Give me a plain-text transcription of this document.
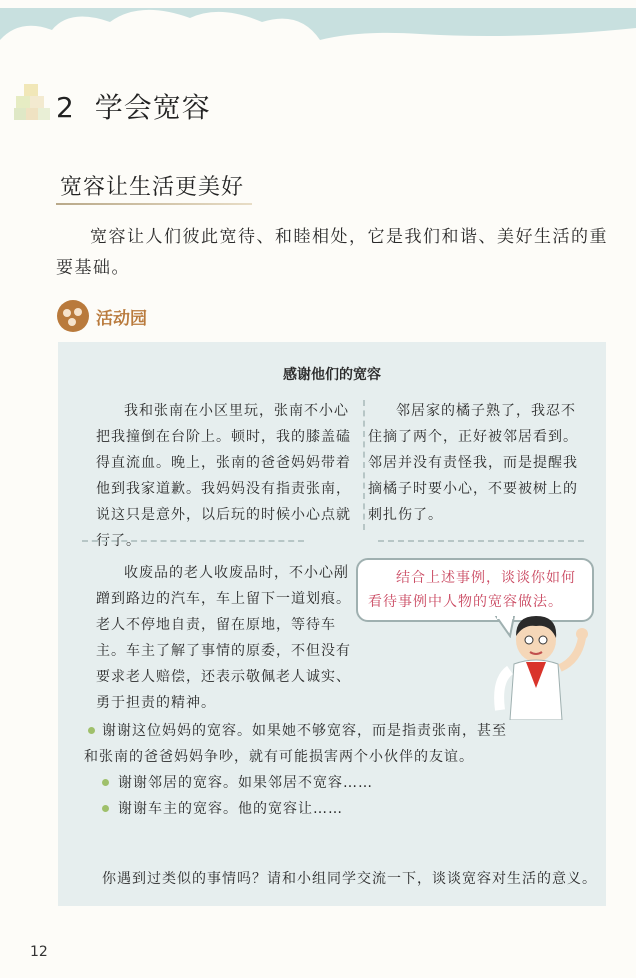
2 学会宽容
宽容让生活更美好
宽容让人们彼此宽待、和睦相处，它是我们和谐、美好生活的重要基础。
活动园
感谢他们的宽容
我和张南在小区里玩，张南不小心把我撞倒在台阶上。顿时，我的膝盖磕得直流血。晚上，张南的爸爸妈妈带着他到我家道歉。我妈妈没有指责张南，说这只是意外，以后玩的时候小心点就行了。
邻居家的橘子熟了，我忍不住摘了两个，正好被邻居看到。邻居并没有责怪我，而是提醒我摘橘子时要小心，不要被树上的刺扎伤了。
收废品的老人收废品时，不小心剐蹭到路边的汽车，车上留下一道划痕。老人不停地自责，留在原地，等待车主。车主了解了事情的原委，不但没有要求老人赔偿，还表示敬佩老人诚实、勇于担责的精神。
结合上述事例，谈谈你如何看待事例中人物的宽容做法。
谢谢这位妈妈的宽容。如果她不够宽容，而是指责张南，甚至和张南的爸爸妈妈争吵，就有可能损害两个小伙伴的友谊。
谢谢邻居的宽容。如果邻居不宽容……
谢谢车主的宽容。他的宽容让……
你遇到过类似的事情吗？请和小组同学交流一下，谈谈宽容对生活的意义。
12
